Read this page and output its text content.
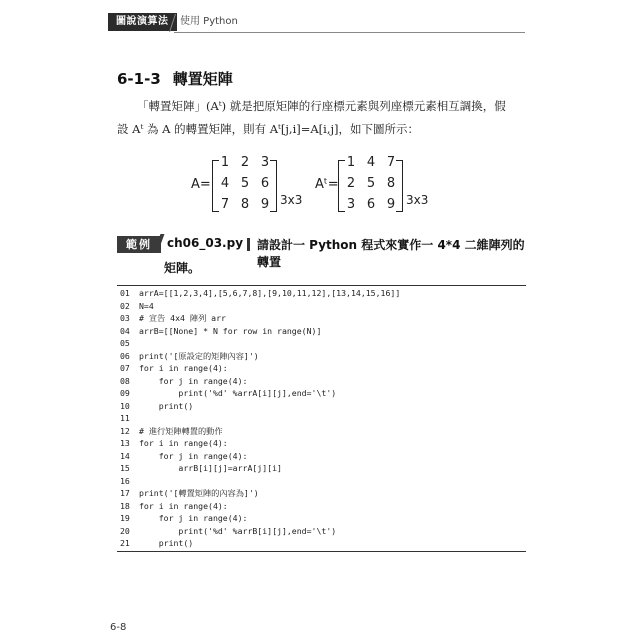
圖說演算法	使用 Python
6-1-3 轉置矩陣
「轉置矩陣」(Aᵗ) 就是把原矩陣的行座標元素與列座標元素相互調換，假
設 Aᵗ 為 A 的轉置矩陣，則有 Aᵗ[j,i]=A[i,j]，如下圖所示：
A=
1 2 3
4 5 6
7 8 9 3x3
Aᵗ=
1 4 7
2 5 8
3 6 9 3x3
範例	ch06_03.py 請設計一 Python 程式來實作一 4*4 二維陣列的轉置
矩陣。
01 arrA=[[1,2,3,4],[5,6,7,8],[9,10,11,12],[13,14,15,16]]
02 N=4
03 # 宣告 4x4 陣列 arr
04 arrB=[[None] * N for row in range(N)]
05
06 print('[原設定的矩陣內容]')
07 for i in range(4):
08    for j in range(4):
09        print('%d' %arrA[i][j],end='\t')
10    print()
11
12 # 進行矩陣轉置的動作
13 for i in range(4):
14    for j in range(4):
15        arrB[i][j]=arrA[j][i]
16
17 print('[轉置矩陣的內容為]')
18 for i in range(4):
19    for j in range(4):
20        print('%d' %arrB[i][j],end='\t')
21    print()
6-8
